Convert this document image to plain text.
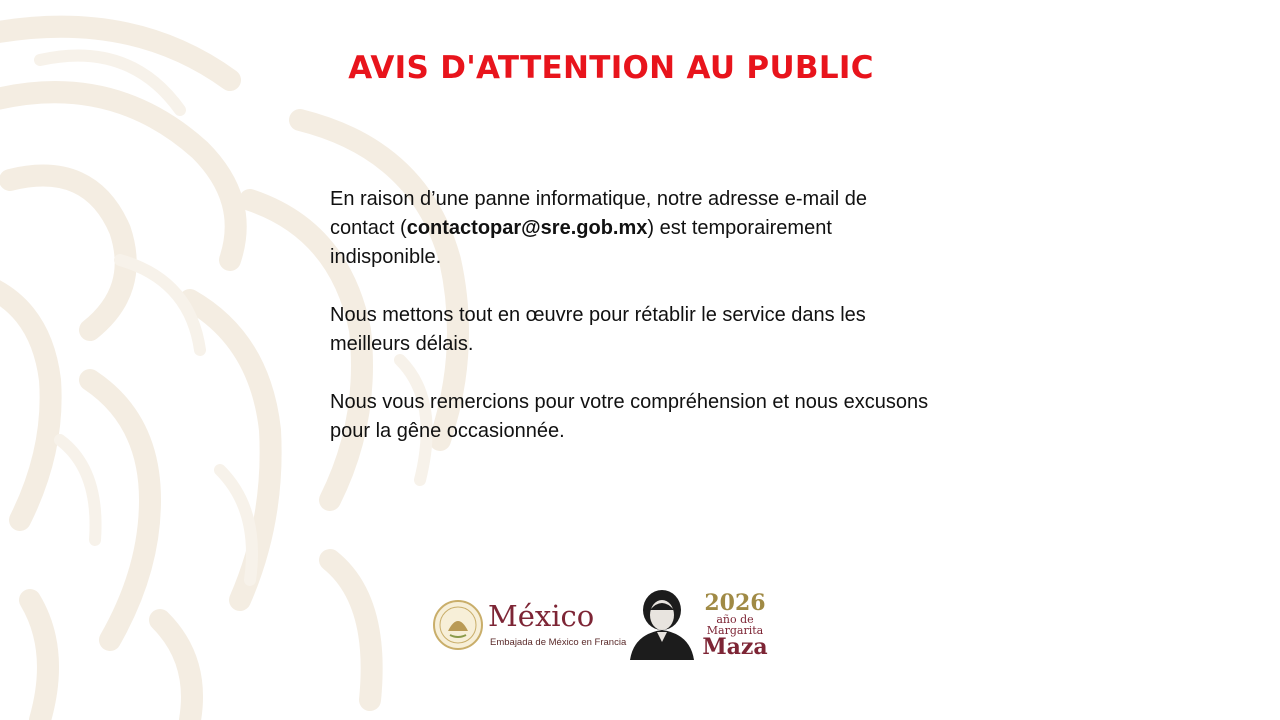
AVIS D'ATTENTION AU PUBLIC

En raison d’une panne informatique, notre adresse e-mail de contact (contactopar@sre.gob.mx) est temporairement indisponible.

Nous mettons tout en œuvre pour rétablir le service dans les meilleurs délais.

Nous vous remercions pour votre compréhension et nous excusons pour la gêne occasionnée.

México
Embajada de México en Francia
2026
año de
Margarita
Maza
